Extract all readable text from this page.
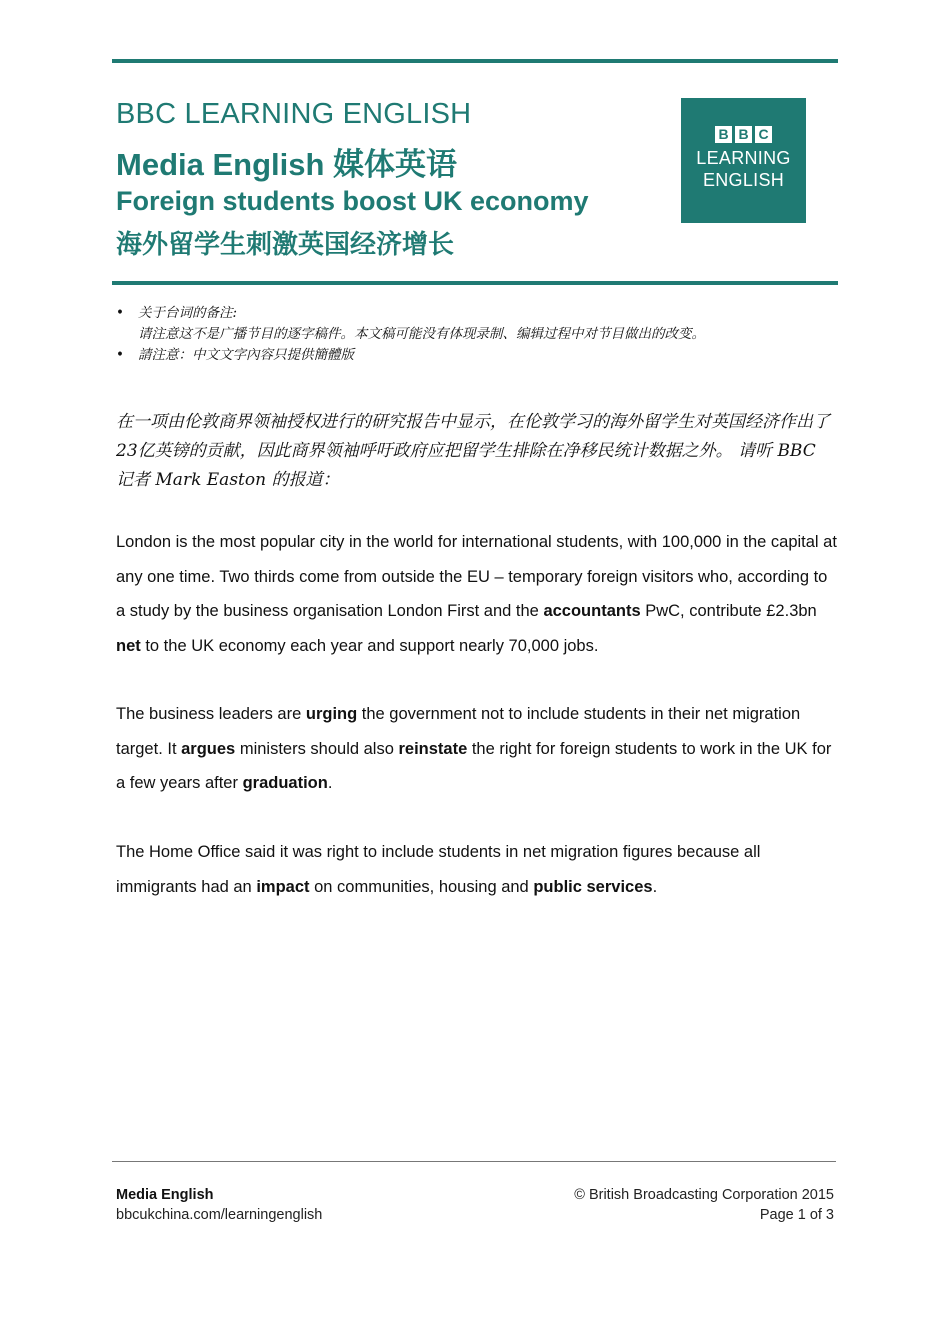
BBC LEARNING ENGLISH
Media English 媒体英语
Foreign students boost UK economy
海外留学生刺激英国经济增长
B B C
LEARNING
ENGLISH
• 关于台词的备注:
请注意这不是广播节目的逐字稿件。本文稿可能没有体现录制、编辑过程中对节目做出的改变。
• 請注意：中文文字內容只提供簡體版
在一项由伦敦商界领袖授权进行的研究报告中显示，在伦敦学习的海外留学生对英国经济作出了23亿英镑的贡献，因此商界领袖呼吁政府应把留学生排除在净移民统计数据之外。 请听 BBC 记者 Mark Easton 的报道：
London is the most popular city in the world for international students, with 100,000 in the capital at any one time. Two thirds come from outside the EU – temporary foreign visitors who, according to a study by the business organisation London First and the accountants PwC, contribute £2.3bn net to the UK economy each year and support nearly 70,000 jobs.
The business leaders are urging the government not to include students in their net migration target. It argues ministers should also reinstate the right for foreign students to work in the UK for a few years after graduation.
The Home Office said it was right to include students in net migration figures because all immigrants had an impact on communities, housing and public services.
Media English
bbcukchina.com/learningenglish
© British Broadcasting Corporation 2015
Page 1 of 3
